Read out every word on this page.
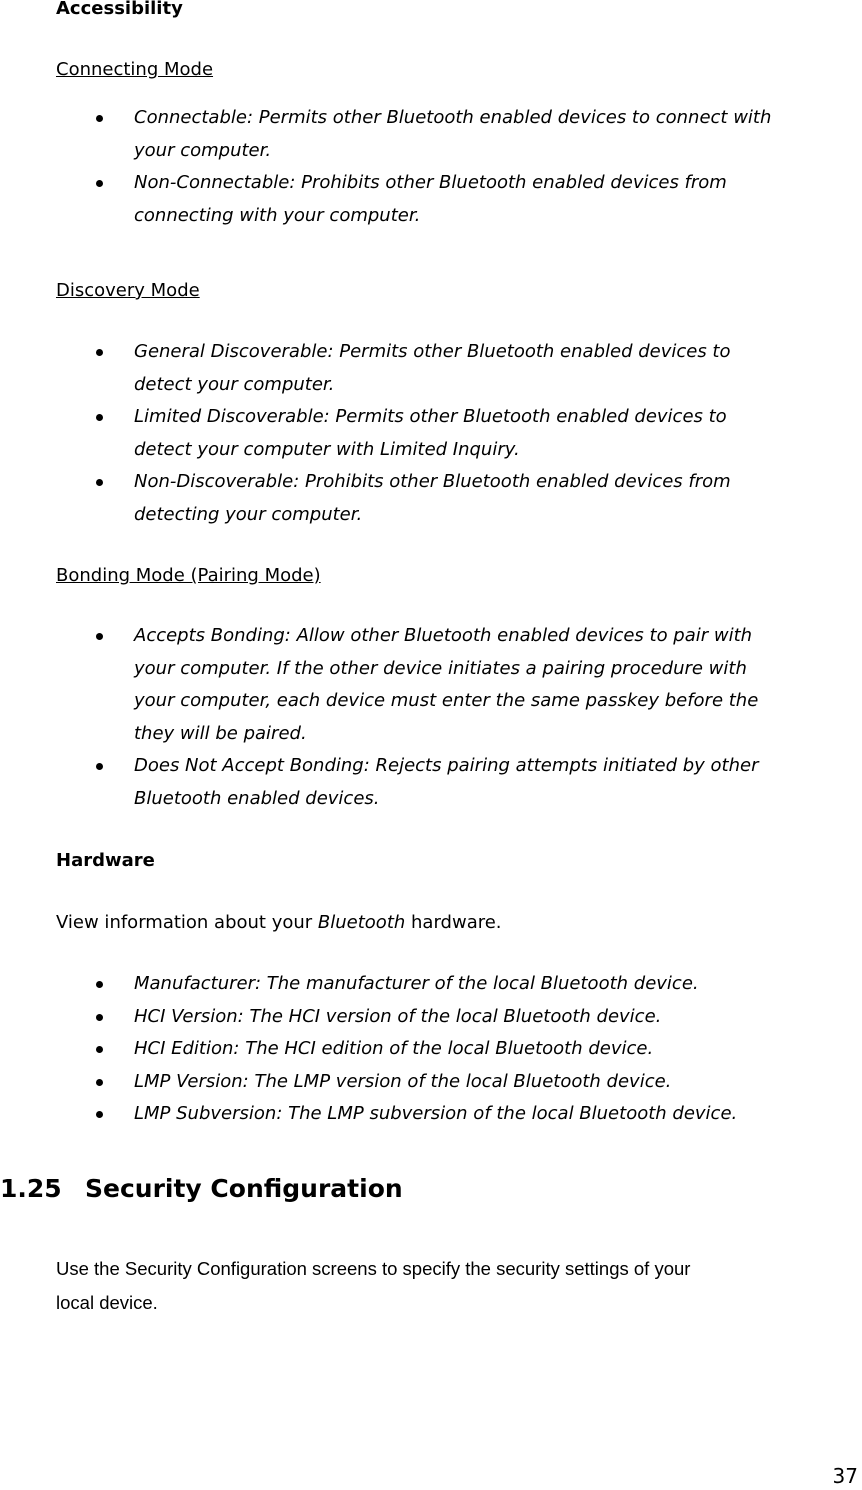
Accessibility
Connecting Mode
Connectable: Permits other Bluetooth enabled devices to connect with
your computer.
Non-Connectable: Prohibits other Bluetooth enabled devices from
connecting with your computer.
Discovery Mode
General Discoverable: Permits other Bluetooth enabled devices to
detect your computer.
Limited Discoverable: Permits other Bluetooth enabled devices to
detect your computer with Limited Inquiry.
Non-Discoverable: Prohibits other Bluetooth enabled devices from
detecting your computer.
Bonding Mode (Pairing Mode)
Accepts Bonding: Allow other Bluetooth enabled devices to pair with
your computer. If the other device initiates a pairing procedure with
your computer, each device must enter the same passkey before the
they will be paired.
Does Not Accept Bonding: Rejects pairing attempts initiated by other
Bluetooth enabled devices.
Hardware
View information about your Bluetooth hardware.
Manufacturer: The manufacturer of the local Bluetooth device.
HCI Version: The HCI version of the local Bluetooth device.
HCI Edition: The HCI edition of the local Bluetooth device.
LMP Version: The LMP version of the local Bluetooth device.
LMP Subversion: The LMP subversion of the local Bluetooth device.
1.25 Security Configuration
Use the Security Configuration screens to specify the security settings of your
local device.
37
